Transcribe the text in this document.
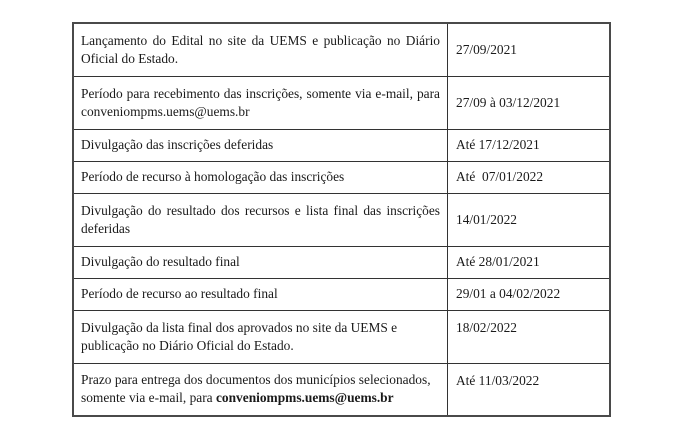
Lançamento do Edital no site da UEMS e publicação no Diário Oficial do Estado.	27/09/2021
Período para recebimento das inscrições, somente via e-mail, para conveniompms.uems@uems.br	27/09 à 03/12/2021
Divulgação das inscrições deferidas	Até 17/12/2021
Período de recurso à homologação das inscrições	Até  07/01/2022
Divulgação do resultado dos recursos e lista final das inscrições deferidas	14/01/2022
Divulgação do resultado final	Até 28/01/2021
Período de recurso ao resultado final	29/01 a 04/02/2022
Divulgação da lista final dos aprovados no site da UEMS e publicação no Diário Oficial do Estado.	18/02/2022
Prazo para entrega dos documentos dos municípios selecionados, somente via e-mail, para conveniompms.uems@uems.br	Até 11/03/2022
